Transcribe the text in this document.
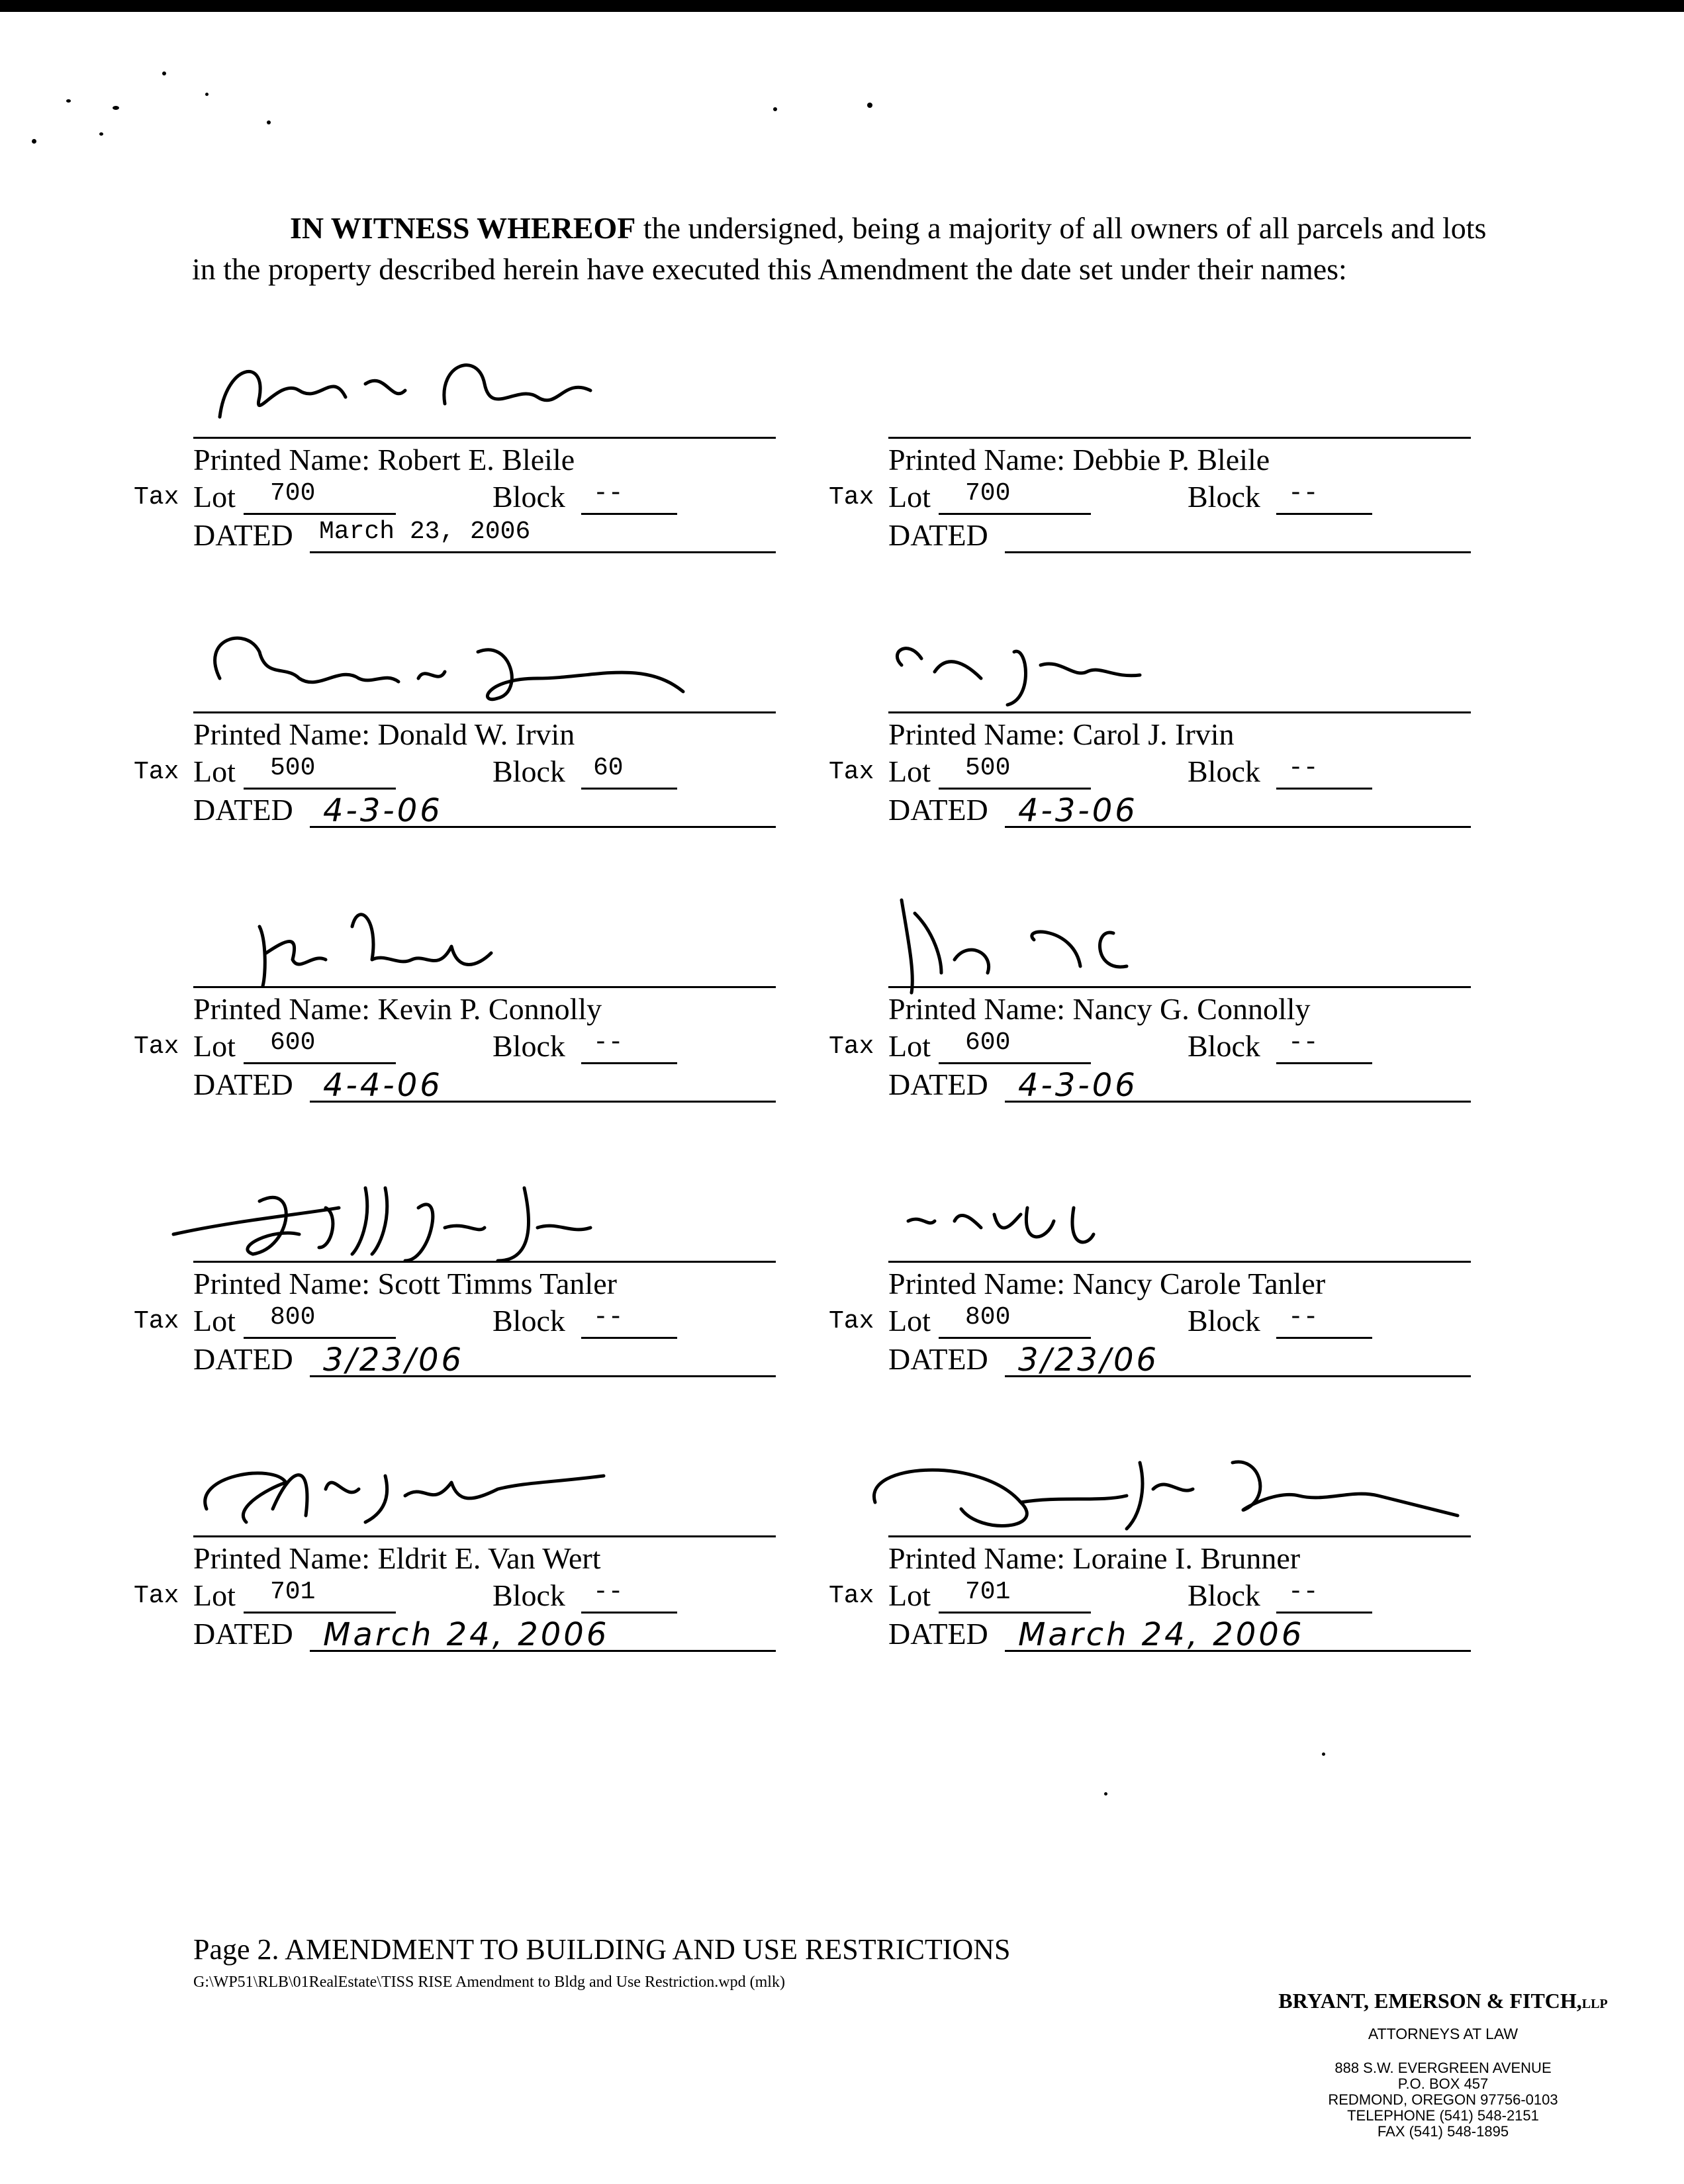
IN WITNESS WHEREOF the undersigned, being a majority of all owners of all parcels and lots in the property described herein have executed this Amendment the date set under their names:
Printed Name: Robert E. Bleile
Tax Lot	700	Block	--
DATED	March 23, 2006
Printed Name: Debbie P. Bleile
Tax Lot	700	Block	--
DATED
Printed Name: Donald W. Irvin
Tax Lot	500	Block	60
DATED 4-3-06
Printed Name: Carol J. Irvin
Tax Lot	500	Block	--
DATED 4-3-06
Printed Name: Kevin P. Connolly
Tax Lot	600	Block	--
DATED 4-4-06
Printed Name: Nancy G. Connolly
Tax Lot	600	Block	--
DATED 4-3-06
Printed Name: Scott Timms Tanler
Tax Lot	800	Block	--
DATED 3/23/06
Printed Name: Nancy Carole Tanler
Tax Lot	800	Block	--
DATED 3/23/06
Printed Name: Eldrit E. Van Wert
Tax Lot	701	Block	--
DATED March 24, 2006
Printed Name: Loraine I. Brunner
Tax Lot	701	Block	--
DATED March 24, 2006
Page 2. AMENDMENT TO BUILDING AND USE RESTRICTIONS
G:\WP51\RLB\01RealEstate\TISS RISE Amendment to Bldg and Use Restriction.wpd (mlk)
BRYANT, EMERSON & FITCH,LLP
ATTORNEYS AT LAW
888 S.W. EVERGREEN AVENUE
P.O. BOX 457
REDMOND, OREGON 97756-0103
TELEPHONE (541) 548-2151
FAX (541) 548-1895
